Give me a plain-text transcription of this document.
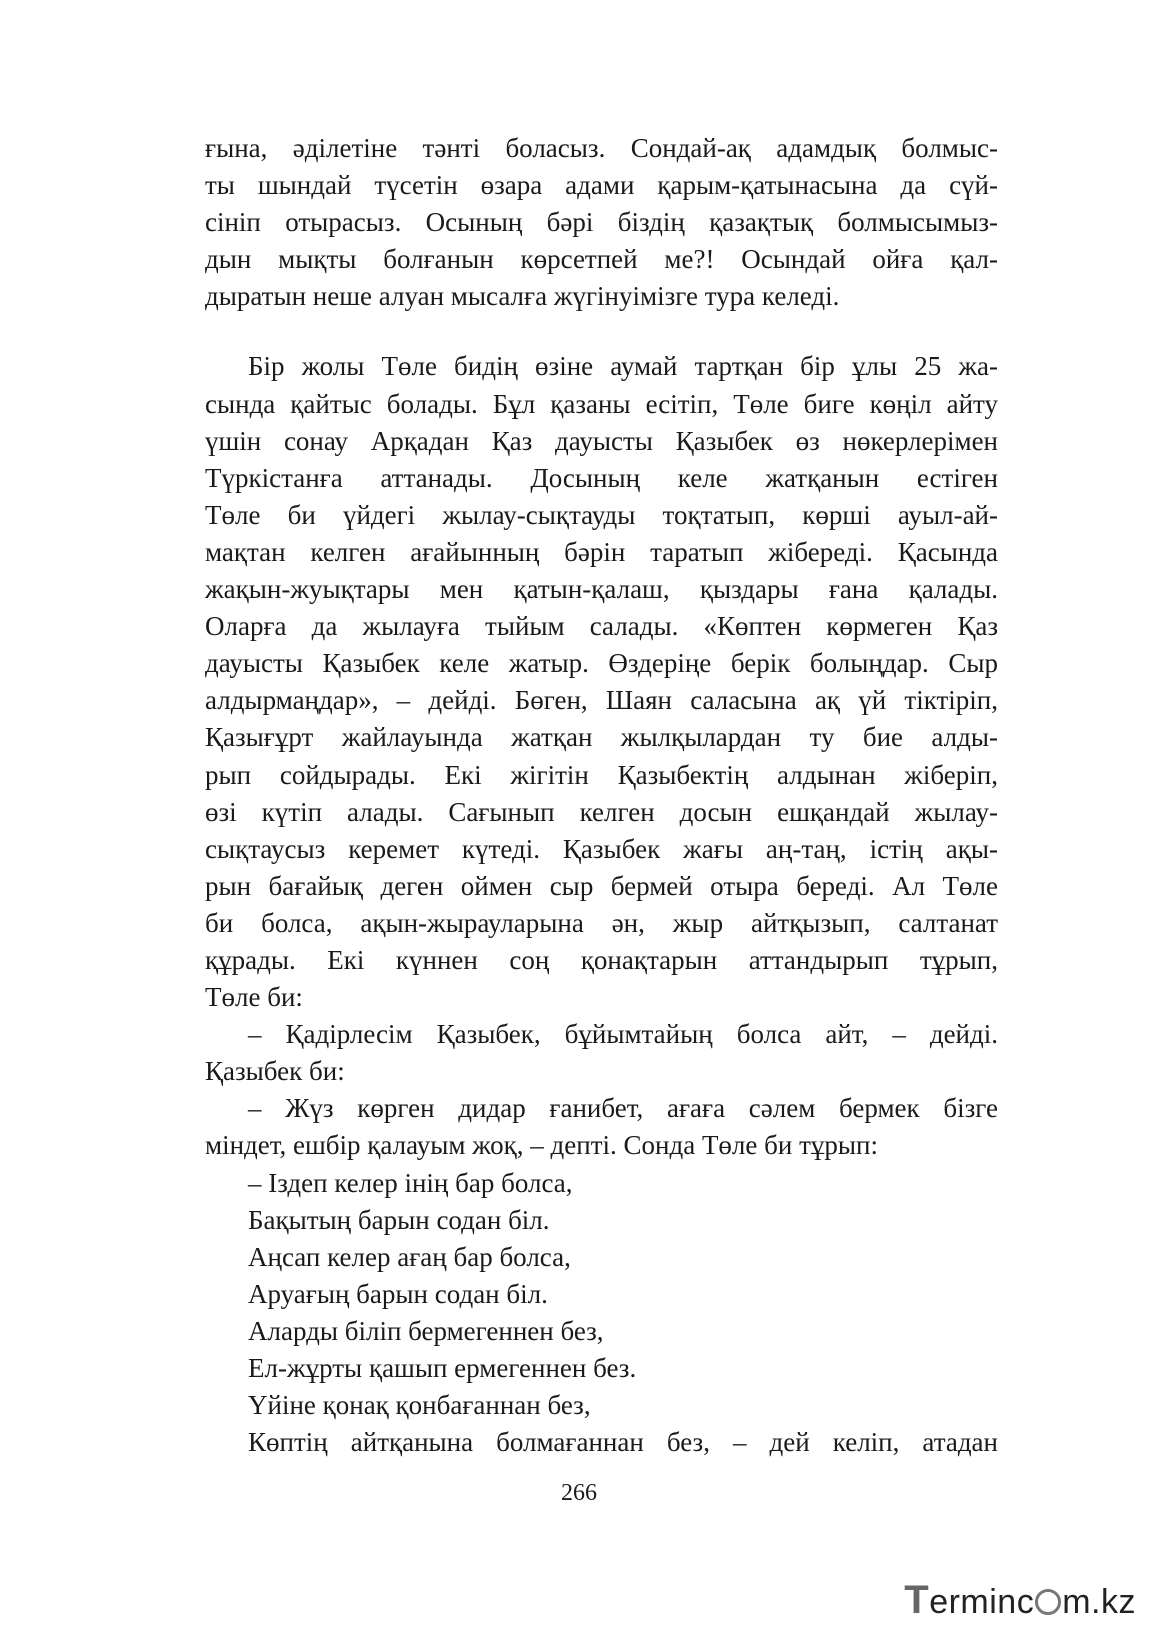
ғына, әділетіне тәнті боласыз. Сондай-ақ адамдық болмыс-

ты шындай түсетін өзара адами қарым-қатынасына да сүй-

сініп отырасыз. Осының бәрі біздің қазақтық болмысымыз-

дын мықты болғанын көрсетпей ме?! Осындай ойға қал-

дыратын неше алуан мысалға жүгінуімізге тура келеді.

Бір жолы Төле бидің өзіне аумай тартқан бір ұлы 25 жа-

сында қайтыс болады. Бұл қазаны есітіп, Төле биге көңіл айту

үшін сонау Арқадан Қаз дауысты Қазыбек өз нөкерлерімен

Түркістанға аттанады. Досының келе жатқанын естіген

Төле би үйдегі жылау-сықтауды тоқтатып, көрші ауыл-ай-

мақтан келген ағайынның бәрін таратып жібереді. Қасында

жақын-жуықтары мен қатын-қалаш, қыздары ғана қалады.

Оларға да жылауға тыйым салады. «Көптен көрмеген Қаз

дауысты Қазыбек келе жатыр. Өздеріңе берік болыңдар. Сыр

алдырмаңдар», – дейді. Бөген, Шаян саласына ақ үй тіктіріп,

Қазығұрт жайлауында жатқан жылқылардан ту бие алды-

рып сойдырады. Екі жігітін Қазыбектің алдынан жіберіп,

өзі күтіп алады. Сағынып келген досын ешқандай жылау-

сықтаусыз керемет күтеді. Қазыбек жағы аң-таң, істің ақы-

рын бағайық деген оймен сыр бермей отыра береді. Ал Төле

би болса, ақын-жырауларына ән, жыр айтқызып, салтанат

құрады. Екі күннен соң қонақтарын аттандырып тұрып,

Төле би:

– Қадірлесім Қазыбек, бұйымтайың болса айт, – дейді.

Қазыбек би:

– Жүз көрген дидар ғанибет, ағаға сәлем бермек бізге

міндет, ешбір қалауым жоқ, – депті. Сонда Төле би тұрып:

– Іздеп келер інің бар болса,

Бақытың барын содан біл.

Аңсап келер ағаң бар болса,

Аруағың барын содан біл.

Аларды біліп бермегеннен без,

Ел-жұрты қашып ермегеннен без.

Үйіне қонақ қонбағаннан без,

Көптің айтқанына болмағаннан без, – дей келіп, атадан

266
Terminc m.kz
